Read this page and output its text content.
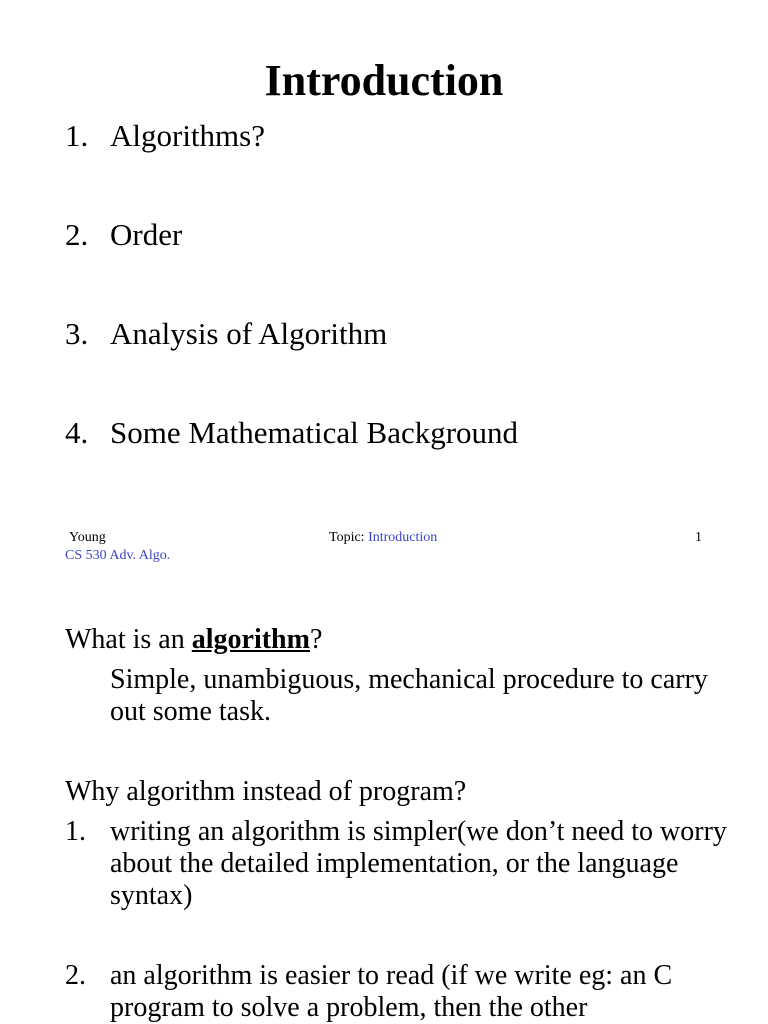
Introduction
1. Algorithms?
2. Order
3. Analysis of Algorithm
4. Some Mathematical Background
Young	Topic: Introduction	1
CS 530 Adv. Algo.
What is an algorithm?
Simple, unambiguous, mechanical procedure to carry out some task.
Why algorithm instead of program?
1. writing an algorithm is simpler(we don’t need to worry about the detailed implementation, or the language syntax)
2. an algorithm is easier to read (if we write eg: an C program to solve a problem, then the other
